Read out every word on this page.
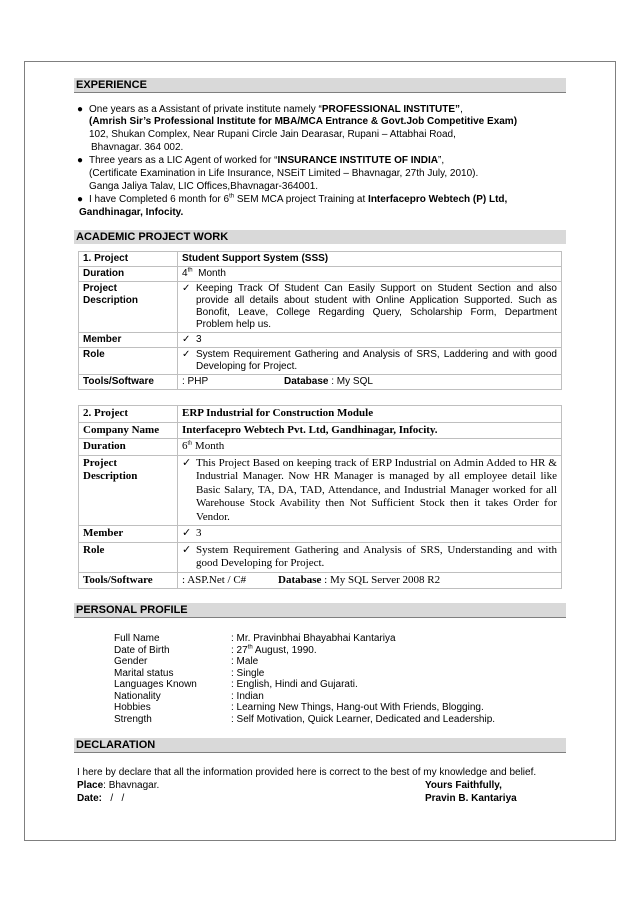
EXPERIENCE
● One years as a Assistant of private institute namely “PROFESSIONAL INSTITUTE”,
(Amrish Sir’s Professional Institute for MBA/MCA Entrance & Govt.Job Competitive Exam)
102, Shukan Complex, Near Rupani Circle Jain Dearasar, Rupani – Attabhai Road,
Bhavnagar. 364 002.
● Three years as a LIC Agent of worked for “INSURANCE INSTITUTE OF INDIA”,
(Certificate Examination in Life Insurance, NSEiT Limited – Bhavnagar, 27th July, 2010).
Ganga Jaliya Talav, LIC Offices,Bhavnagar-364001.
● I have Completed 6 month for 6th SEM MCA project Training at Interfacepro Webtech (P) Ltd,
Gandhinagar, Infocity.
ACADEMIC PROJECT WORK
1. Project	Student Support System (SSS)
Duration	4th  Month
Project
Description	✓ Keeping Track Of Student Can Easily Support on Student Section and also provide all details about student with Online Application Supported. Such as Bonofit, Leave, College Regarding Query, Scholarship Form, Department Problem help us.

Member	✓ 3

Role	✓ System Requirement Gathering and Analysis of SRS, Laddering and with good Developing for Project.

Tools/Software	: PHP Database : My SQL
2. Project	ERP Industrial for Construction Module
Company Name	Interfacepro Webtech Pvt. Ltd, Gandhinagar, Infocity.
Duration	6th Month
Project
Description	✓ This Project Based on keeping track of ERP Industrial on Admin Added to HR & Industrial Manager. Now HR Manager is managed by all employee detail like Basic Salary, TA, DA, TAD, Attendance, and Industrial Manager worked for all Warehouse Stock Avability then Not Sufficient Stock then it takes Order for Vendor.

Member	✓ 3

Role	✓ System Requirement Gathering and Analysis of SRS, Understanding and with good Developing for Project.

Tools/Software	: ASP.Net / C# Database : My SQL Server 2008 R2
PERSONAL PROFILE
Full Name	: Mr. Pravinbhai Bhayabhai Kantariya
Date of Birth	: 27th August, 1990.
Gender	: Male
Marital status	: Single
Languages Known	: English, Hindi and Gujarati.
Nationality	: Indian
Hobbies	: Learning New Things, Hang-out With Friends, Blogging.
Strength	: Self Motivation, Quick Learner, Dedicated and Leadership.
DECLARATION
I here by declare that all the information provided here is correct to the best of my knowledge and belief.
Place: Bhavnagar.	Yours Faithfully,
Date:   /   /	Pravin B. Kantariya
